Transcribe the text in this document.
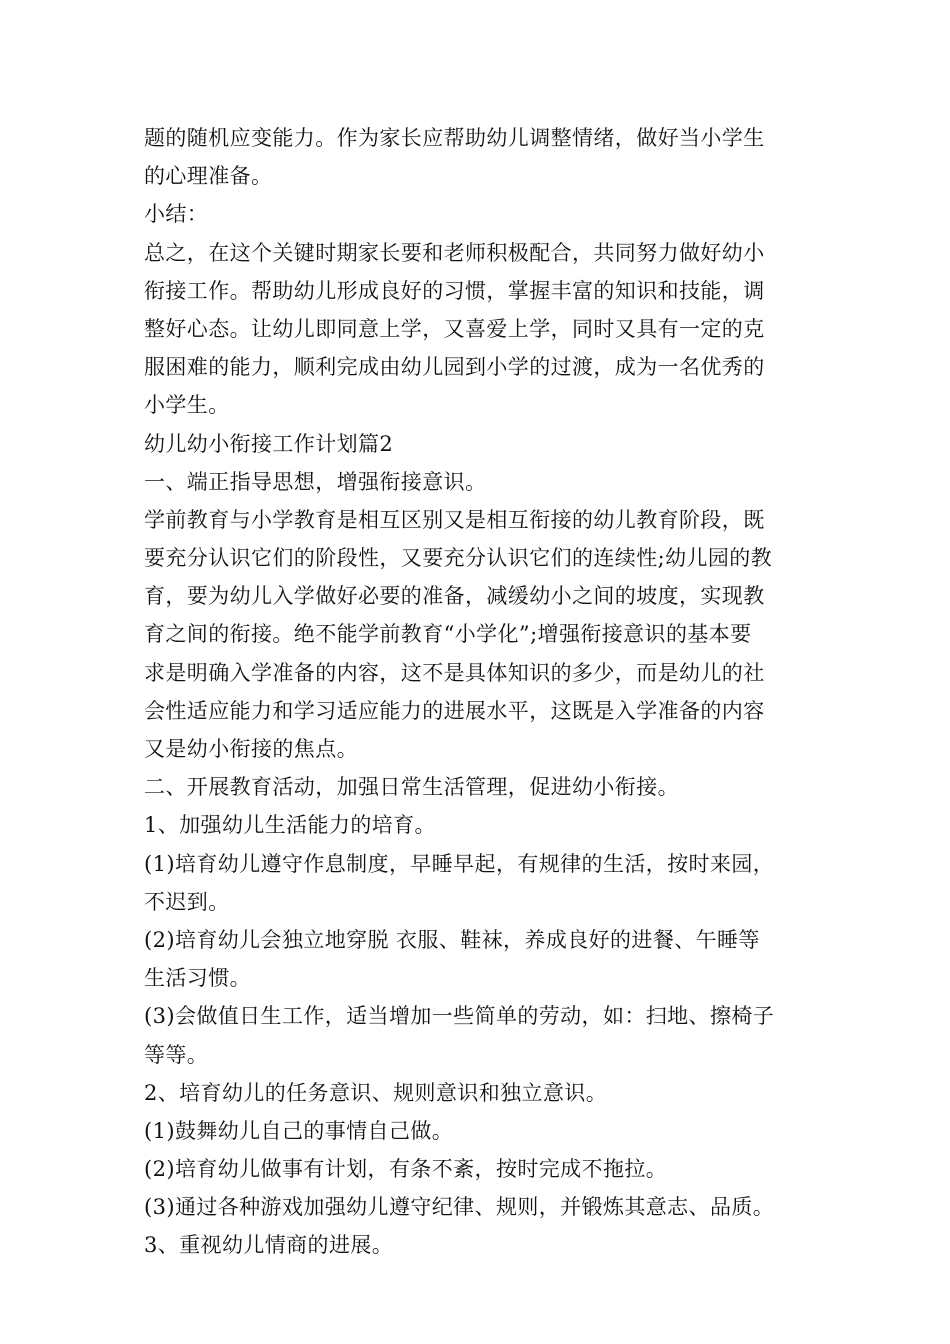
题的随机应变能力。作为家长应帮助幼儿调整情绪，做好当小学生
的心理准备。
小结：
总之，在这个关键时期家长要和老师积极配合，共同努力做好幼小
衔接工作。帮助幼儿形成良好的习惯，掌握丰富的知识和技能，调
整好心态。让幼儿即同意上学，又喜爱上学，同时又具有一定的克
服困难的能力，顺利完成由幼儿园到小学的过渡，成为一名优秀的
小学生。
幼儿幼小衔接工作计划篇2
一、端正指导思想，增强衔接意识。
学前教育与小学教育是相互区别又是相互衔接的幼儿教育阶段，既
要充分认识它们的阶段性，又要充分认识它们的连续性;幼儿园的教
育，要为幼儿入学做好必要的准备，减缓幼小之间的坡度，实现教
育之间的衔接。绝不能学前教育“小学化”;增强衔接意识的基本要
求是明确入学准备的内容，这不是具体知识的多少，而是幼儿的社
会性适应能力和学习适应能力的进展水平，这既是入学准备的内容
又是幼小衔接的焦点。
二、开展教育活动，加强日常生活管理，促进幼小衔接。
1、加强幼儿生活能力的培育。
(1)培育幼儿遵守作息制度，早睡早起，有规律的生活，按时来园，
不迟到。
(2)培育幼儿会独立地穿脱 衣服、鞋袜，养成良好的进餐、午睡等
生活习惯。
(3)会做值日生工作，适当增加一些简单的劳动，如：扫地、擦椅子
等等。
2、培育幼儿的任务意识、规则意识和独立意识。
(1)鼓舞幼儿自己的事情自己做。
(2)培育幼儿做事有计划，有条不紊，按时完成不拖拉。
(3)通过各种游戏加强幼儿遵守纪律、规则，并锻炼其意志、品质。
3、重视幼儿情商的进展。
